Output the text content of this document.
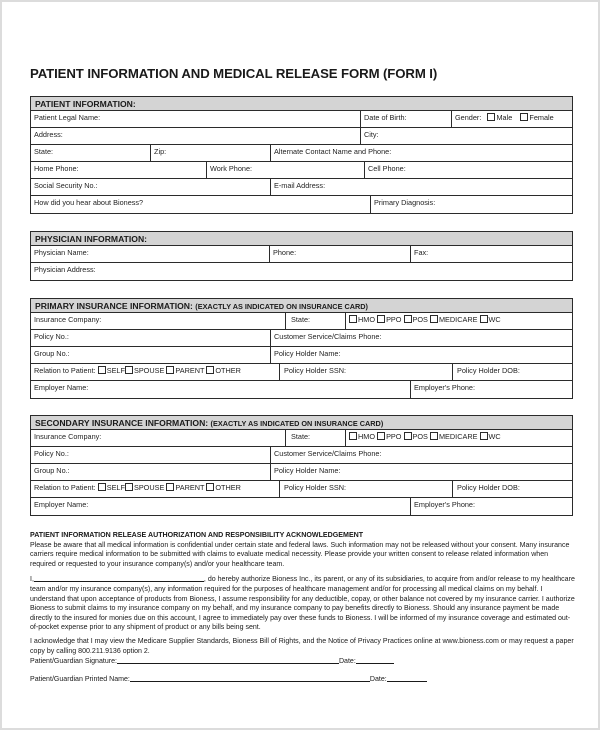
PATIENT INFORMATION AND MEDICAL RELEASE FORM (FORM I)
PATIENT INFORMATION:
Patient Legal Name:	Date of Birth:	Gender: Male Female
Address:	City:
State:	Zip:	Alternate Contact Name and Phone:
Home Phone:	Work Phone:	Cell Phone:
Social Security No.:	E-mail Address:
How did you hear about Bioness?	Primary Diagnosis:
PHYSICIAN INFORMATION:
Physician Name:	Phone:	Fax:
Physician Address:
PRIMARY INSURANCE INFORMATION: (EXACTLY AS INDICATED ON INSURANCE CARD)
Insurance Company:	State:	HMO PPO POS MEDICARE WC
Policy No.:	Customer Service/Claims Phone:
Group No.:	Policy Holder Name:
Relation to Patient: SELF SPOUSE PARENT OTHER	Policy Holder SSN:	Policy Holder DOB:
Employer Name:	Employer's Phone:
SECONDARY INSURANCE INFORMATION: (EXACTLY AS INDICATED ON INSURANCE CARD)
Insurance Company:	State:	HMO PPO POS MEDICARE WC
Policy No.:	Customer Service/Claims Phone:
Group No.:	Policy Holder Name:
Relation to Patient: SELF SPOUSE PARENT OTHER	Policy Holder SSN:	Policy Holder DOB:
Employer Name:	Employer's Phone:

PATIENT INFORMATION RELEASE AUTHORIZATION AND RESPONSIBILITY ACKNOWLEDGEMENT

Please be aware that all medical information is confidential under certain state and federal laws. Such information may not be released without your consent. Many insurance carriers require medical information to be submitted with claims to evaluate medical necessity. Please provide your written consent to release related information when required or requested to your insurance company(s) and/or your healthcare team.

I,	, do hereby authorize Bioness Inc., its parent, or any of its subsidiaries, to acquire from and/or release to my healthcare team and/or my insurance company(s), any information required for the purposes of healthcare management and/or for processing all medical claims on my behalf. I understand that upon acceptance of products from Bioness, I assume responsibility for any deductible, copay, or other balance not covered by my insurance carrier. I authorize Bioness to submit claims to my insurance company on my behalf, and my insurance company to pay benefits directly to Bioness. Should any insurance payment be made directly to the insured for monies due on this account, I agree to immediately pay over these funds to Bioness. I will be informed of my insurance coverage and estimated out-of-pocket expense prior to any shipment of product or any bills being sent.

I acknowledge that I may view the Medicare Supplier Standards, Bioness Bill of Rights, and the Notice of Privacy Practices online at www.bioness.com or may request a paper copy by calling 800.211.9136 option 2.

Patient/Guardian Signature:	Date:
Patient/Guardian Printed Name:	Date:
